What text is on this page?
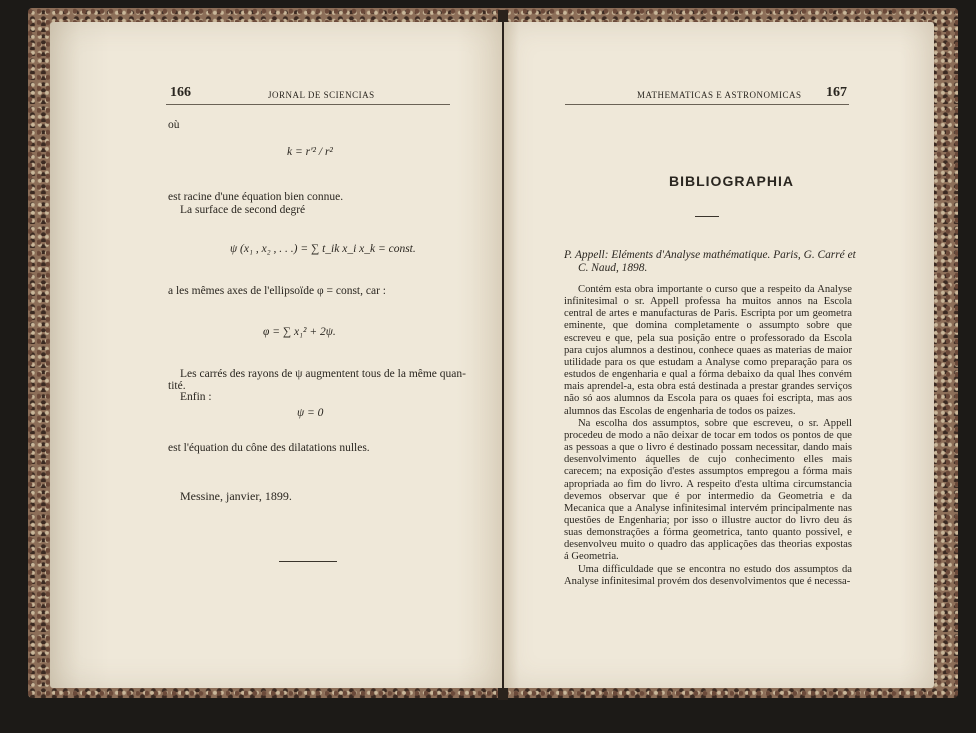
166	JORNAL DE SCIENCIAS
où
k = r'² / r²
est racine d'une équation bien connue.
La surface de second degré
ψ (x₁ , x₂ , . . .) = ∑ t_ik x_i x_k = const.
a les mêmes axes de l'ellipsoïde φ = const, car :
φ = ∑ x₁² + 2ψ.
Les carrés des rayons de ψ augmentent tous de la même quan-
tité.
Enfin :
ψ = 0
est l'équation du cône des dilatations nulles.
Messine, janvier, 1899.
MATHEMATICAS E ASTRONOMICAS 167
BIBLIOGRAPHIA
P. Appell: Eléments d'Analyse mathématique. Paris, G. Carré et
C. Naud, 1898.

Contém esta obra importante o curso que a respeito da Analyse infinitesimal o sr. Appell professa ha muitos annos na Escola central de artes e manufacturas de Paris. Escripta por um geometra eminente, que domina completamente o assumpto sobre que escreveu e que, pela sua posição entre o professorado da Escola para cujos alumnos a destinou, conhece quaes as materias de maior utilidade para os que estudam a Analyse como preparação para os estudos de engenharia e qual a fórma debaixo da qual lhes convém mais aprendel-a, esta obra está destinada a prestar grandes serviços não só aos alumnos da Escola para os quaes foi escripta, mas aos alumnos das Escolas de engenharia de todos os paizes.

Na escolha dos assumptos, sobre que escreveu, o sr. Appell procedeu de modo a não deixar de tocar em todos os pontos de que as pessoas a que o livro é destinado possam necessitar, dando mais desenvolvimento áquelles de cujo conhecimento elles mais carecem; na exposição d'estes assumptos empregou a fórma mais apropriada ao fim do livro. A respeito d'esta ultima circumstancia devemos observar que é por intermedio da Geometria e da Mecanica que a Analyse infinitesimal intervém principalmente nas questões de Engenharia; por isso o illustre auctor do livro deu ás suas demonstrações a fórma geometrica, tanto quanto possivel, e desenvolveu muito o quadro das applicações das theorias expostas á Geometria.

Uma difficuldade que se encontra no estudo dos assumptos da Analyse infinitesimal provém dos desenvolvimentos que é necessa-
